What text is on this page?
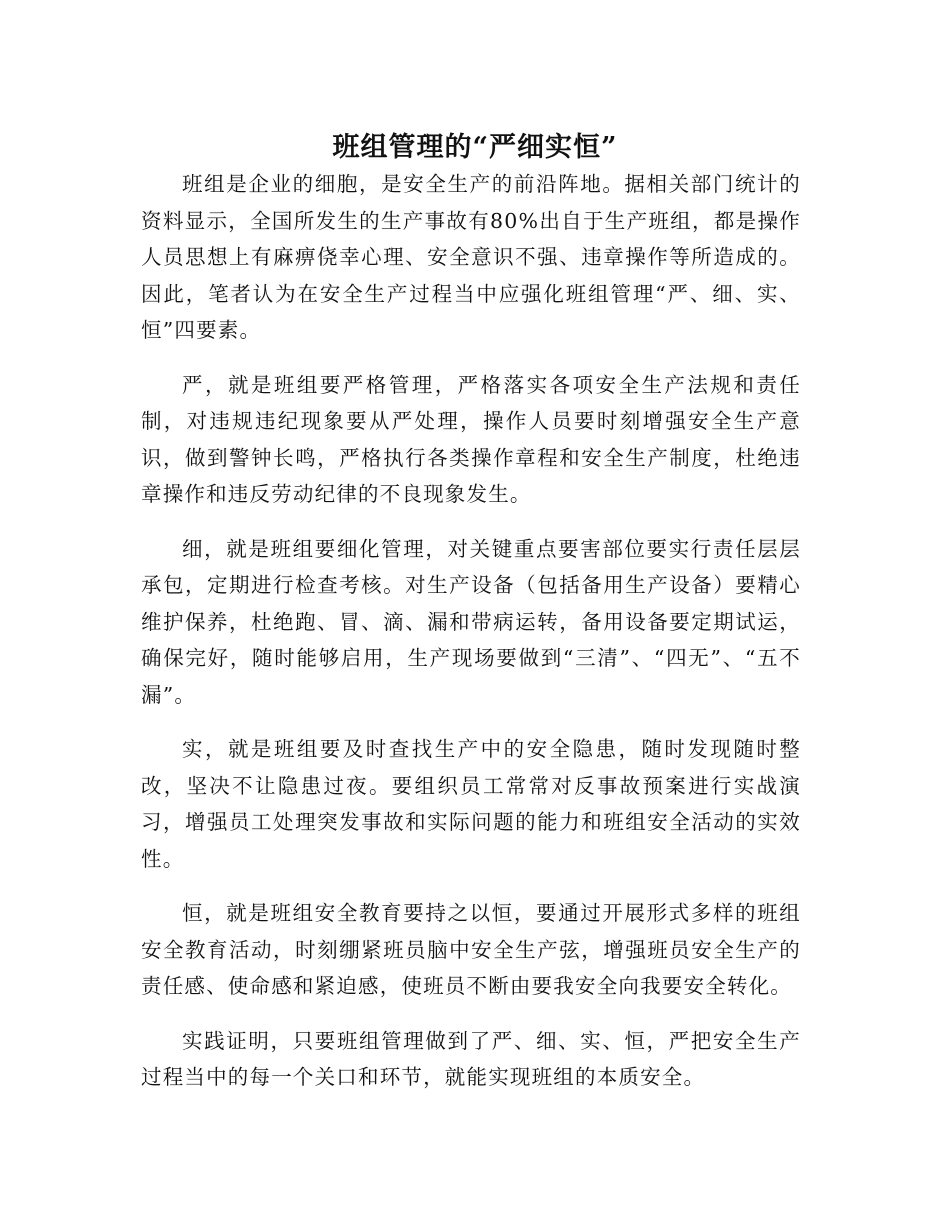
班组管理的“严细实恒”

班组是企业的细胞，是安全生产的前沿阵地。据相关部门统计的资料显示，全国所发生的生产事故有80%出自于生产班组，都是操作人员思想上有麻痹侥幸心理、安全意识不强、违章操作等所造成的。因此，笔者认为在安全生产过程当中应强化班组管理“严、细、实、恒”四要素。

严，就是班组要严格管理，严格落实各项安全生产法规和责任制，对违规违纪现象要从严处理，操作人员要时刻增强安全生产意识，做到警钟长鸣，严格执行各类操作章程和安全生产制度，杜绝违章操作和违反劳动纪律的不良现象发生。

细，就是班组要细化管理，对关键重点要害部位要实行责任层层承包，定期进行检查考核。对生产设备（包括备用生产设备）要精心维护保养，杜绝跑、冒、滴、漏和带病运转，备用设备要定期试运，确保完好，随时能够启用，生产现场要做到“三清”、“四无”、“五不漏”。

实，就是班组要及时查找生产中的安全隐患，随时发现随时整改，坚决不让隐患过夜。要组织员工常常对反事故预案进行实战演习，增强员工处理突发事故和实际问题的能力和班组安全活动的实效性。

恒，就是班组安全教育要持之以恒，要通过开展形式多样的班组安全教育活动，时刻绷紧班员脑中安全生产弦，增强班员安全生产的责任感、使命感和紧迫感，使班员不断由要我安全向我要安全转化。

实践证明，只要班组管理做到了严、细、实、恒，严把安全生产过程当中的每一个关口和环节，就能实现班组的本质安全。
